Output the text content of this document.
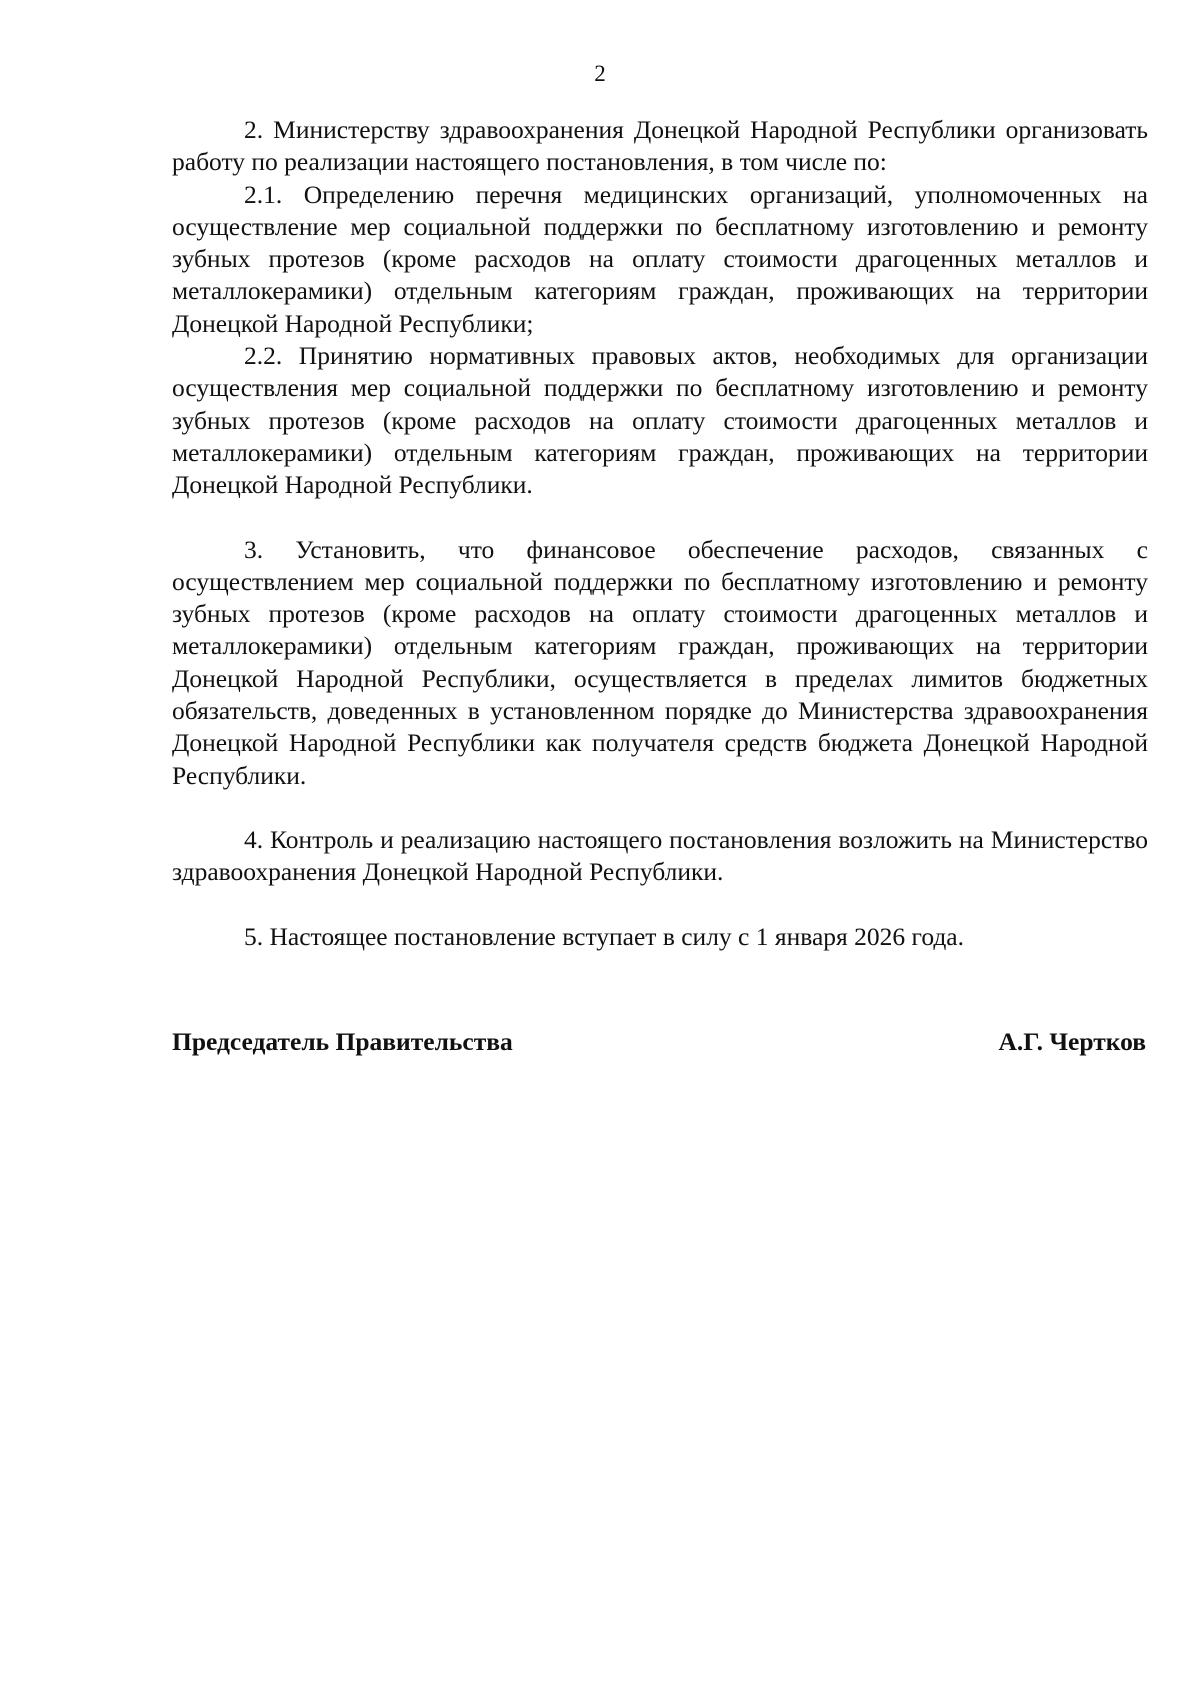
2

2. Министерству здравоохранения Донецкой Народной Республики организовать работу по реализации настоящего постановления, в том числе по:

2.1. Определению перечня медицинских организаций, уполномоченных на осуществление мер социальной поддержки по бесплатному изготовлению и ремонту зубных протезов (кроме расходов на оплату стоимости драгоценных металлов и металлокерамики) отдельным категориям граждан, проживающих на территории Донецкой Народной Республики;

2.2. Принятию нормативных правовых актов, необходимых для организации осуществления мер социальной поддержки по бесплатному изготовлению и ремонту зубных протезов (кроме расходов на оплату стоимости драгоценных металлов и металлокерамики) отдельным категориям граждан, проживающих на территории Донецкой Народной Республики.

3. Установить, что финансовое обеспечение расходов, связанных с осуществлением мер социальной поддержки по бесплатному изготовлению и ремонту зубных протезов (кроме расходов на оплату стоимости драгоценных металлов и металлокерамики) отдельным категориям граждан, проживающих на территории Донецкой Народной Республики, осуществляется в пределах лимитов бюджетных обязательств, доведенных в установленном порядке до Министерства здравоохранения Донецкой Народной Республики как получателя средств бюджета Донецкой Народной Республики.

4. Контроль и реализацию настоящего постановления возложить на Министерство здравоохранения Донецкой Народной Республики.

5. Настоящее постановление вступает в силу с 1 января 2026 года.

Председатель Правительства	А.Г. Чертков
